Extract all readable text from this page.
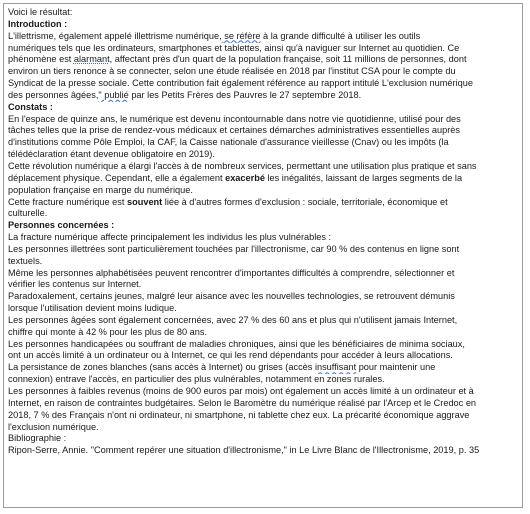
Voici le résultat:
Introduction :
L'illettrisme, également appelé illettrisme numérique, se réfère à la grande difficulté à utiliser les outils
numériques tels que les ordinateurs, smartphones et tablettes, ainsi qu'à naviguer sur Internet au quotidien. Ce
phénomène est alarmant, affectant près d'un quart de la population française, soit 11 millions de personnes, dont
environ un tiers renonce à se connecter, selon une étude réalisée en 2018 par l'institut CSA pour le compte du
Syndicat de la presse sociale. Cette contribution fait également référence au rapport intitulé L'exclusion numérique
des personnes âgées," publié par les Petits Frères des Pauvres le 27 septembre 2018.
Constats :
En l'espace de quinze ans, le numérique est devenu incontournable dans notre vie quotidienne, utilisé pour des
tâches telles que la prise de rendez-vous médicaux et certaines démarches administratives essentielles auprès
d'institutions comme Pôle Emploi, la CAF, la Caisse nationale d'assurance vieillesse (Cnav) ou les impôts (la
télédéclaration étant devenue obligatoire en 2019).
Cette révolution numérique a élargi l'accès à de nombreux services, permettant une utilisation plus pratique et sans
déplacement physique. Cependant, elle a également exacerbé les inégalités, laissant de larges segments de la
population française en marge du numérique.
Cette fracture numérique est souvent liée à d'autres formes d'exclusion : sociale, territoriale, économique et
culturelle.
Personnes concernées :
La fracture numérique affecte principalement les individus les plus vulnérables :
Les personnes illettrées sont particulièrement touchées par l'illectronisme, car 90 % des contenus en ligne sont
textuels.
Même les personnes alphabétisées peuvent rencontrer d'importantes difficultés à comprendre, sélectionner et
vérifier les contenus sur Internet.
Paradoxalement, certains jeunes, malgré leur aisance avec les nouvelles technologies, se retrouvent démunis
lorsque l'utilisation devient moins ludique.
Les personnes âgées sont également concernées, avec 27 % des 60 ans et plus qui n'utilisent jamais Internet,
chiffre qui monte à 42 % pour les plus de 80 ans.
Les personnes handicapées ou souffrant de maladies chroniques, ainsi que les bénéficiaires de minima sociaux,
ont un accès limité à un ordinateur ou à Internet, ce qui les rend dépendants pour accéder à leurs allocations.
La persistance de zones blanches (sans accès à Internet) ou grises (accès insuffisant pour maintenir une
connexion) entrave l'accès, en particulier des plus vulnérables, notamment en zones rurales.
Les personnes à faibles revenus (moins de 900 euros par mois) ont également un accès limité à un ordinateur et à
Internet, en raison de contraintes budgétaires. Selon le Baromètre du numérique réalisé par l'Arcep et le Credoc en
2018, 7 % des Français n'ont ni ordinateur, ni smartphone, ni tablette chez eux. La précarité économique aggrave
l'exclusion numérique.
Bibliographie :
Ripon-Serre, Annie. "Comment repérer une situation d'illectronisme," in Le Livre Blanc de l'Illectronisme, 2019, p. 35
